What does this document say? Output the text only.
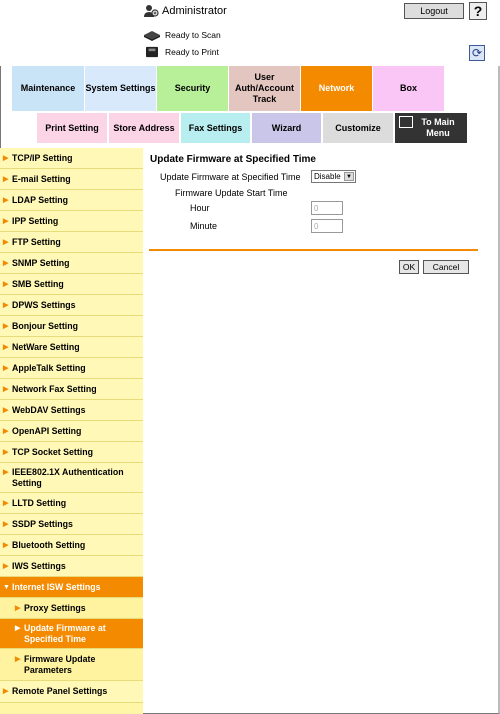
Administrator	Logout	?
Ready to Scan
Ready to Print	⟳
Maintenance	System Settings	Security
User Auth/Account Track
Network	Box
Print Setting	Store Address	Fax Settings	Wizard	Customize
To Main Menu
▶ TCP/IP Setting
▶ E-mail Setting
▶ LDAP Setting
▶ IPP Setting
▶ FTP Setting
▶ SNMP Setting
▶ SMB Setting
▶ DPWS Settings
▶ Bonjour Setting
▶ NetWare Setting
▶ AppleTalk Setting
▶ Network Fax Setting
▶ WebDAV Settings
▶ OpenAPI Setting
▶ TCP Socket Setting
▶ IEEE802.1X Authentication Setting
▶ LLTD Setting
▶ SSDP Settings
▶ Bluetooth Setting
▶ IWS Settings
▼ Internet ISW Settings
▶ Proxy Settings
▶ Update Firmware at Specified Time
▶ Firmware Update Parameters
▶ Remote Panel Settings
Update Firmware at Specified Time
Update Firmware at Specified Time Disable ▼
Firmware Update Start Time
Hour	0
Minute	0
OK	Cancel
